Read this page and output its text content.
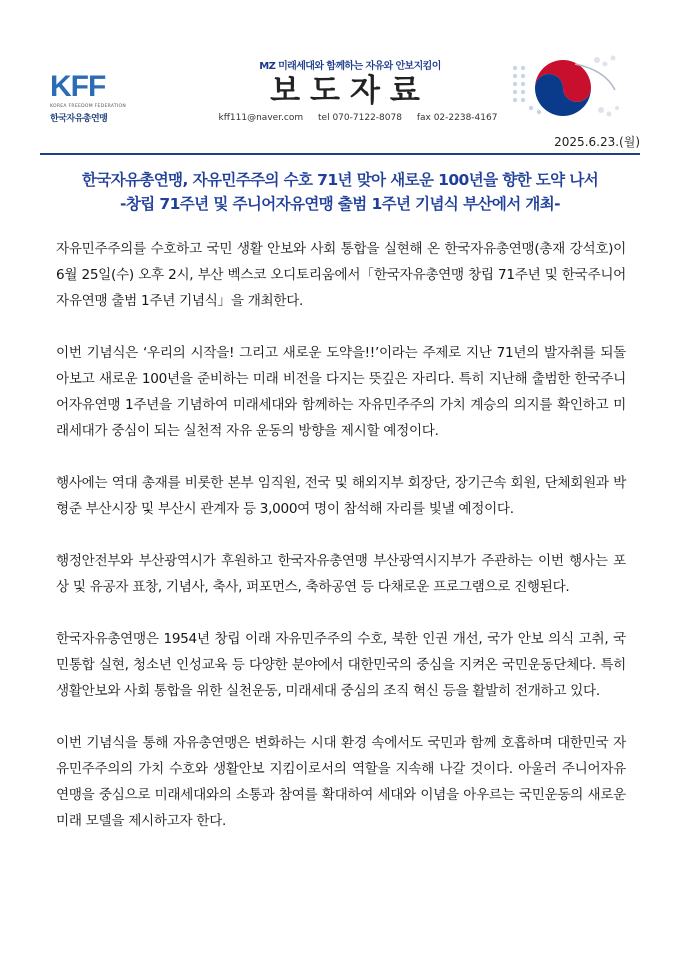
KFF
KOREA FREEDOM FEDERATION
한국자유총연맹
MZ 미래세대와 함께하는 자유와 안보지킴이
보도자료
kff111@naver.com tel 070-7122-8078 fax 02-2238-4167
2025.6.23.(월)
한국자유총연맹, 자유민주주의 수호 71년 맞아 새로운 100년을 향한 도약 나서
-창립 71주년 및 주니어자유연맹 출범 1주년 기념식 부산에서 개최-

자유민주주의를 수호하고 국민 생활 안보와 사회 통합을 실현해 온 한국자유총연맹(총재 강석호)이 6월 25일(수) 오후 2시, 부산 벡스코 오디토리움에서「한국자유총연맹 창립 71주년 및 한국주니어자유연맹 출범 1주년 기념식」을 개최한다.

이번 기념식은 ‘우리의 시작을! 그리고 새로운 도약을!!’이라는 주제로 지난 71년의 발자취를 되돌아보고 새로운 100년을 준비하는 미래 비전을 다지는 뜻깊은 자리다. 특히 지난해 출범한 한국주니어자유연맹 1주년을 기념하여 미래세대와 함께하는 자유민주주의 가치 계승의 의지를 확인하고 미래세대가 중심이 되는 실천적 자유 운동의 방향을 제시할 예정이다.

행사에는 역대 총재를 비롯한 본부 임직원, 전국 및 해외지부 회장단, 장기근속 회원, 단체회원과 박형준 부산시장 및 부산시 관계자 등 3,000여 명이 참석해 자리를 빛낼 예정이다.

행정안전부와 부산광역시가 후원하고 한국자유총연맹 부산광역시지부가 주관하는 이번 행사는 포상 및 유공자 표창, 기념사, 축사, 퍼포먼스, 축하공연 등 다채로운 프로그램으로 진행된다.

한국자유총연맹은 1954년 창립 이래 자유민주주의 수호, 북한 인권 개선, 국가 안보 의식 고취, 국민통합 실현, 청소년 인성교육 등 다양한 분야에서 대한민국의 중심을 지켜온 국민운동단체다. 특히 생활안보와 사회 통합을 위한 실천운동, 미래세대 중심의 조직 혁신 등을 활발히 전개하고 있다.

이번 기념식을 통해 자유총연맹은 변화하는 시대 환경 속에서도 국민과 함께 호흡하며 대한민국 자유민주주의의 가치 수호와 생활안보 지킴이로서의 역할을 지속해 나갈 것이다. 아울러 주니어자유연맹을 중심으로 미래세대와의 소통과 참여를 확대하여 세대와 이념을 아우르는 국민운동의 새로운 미래 모델을 제시하고자 한다.
